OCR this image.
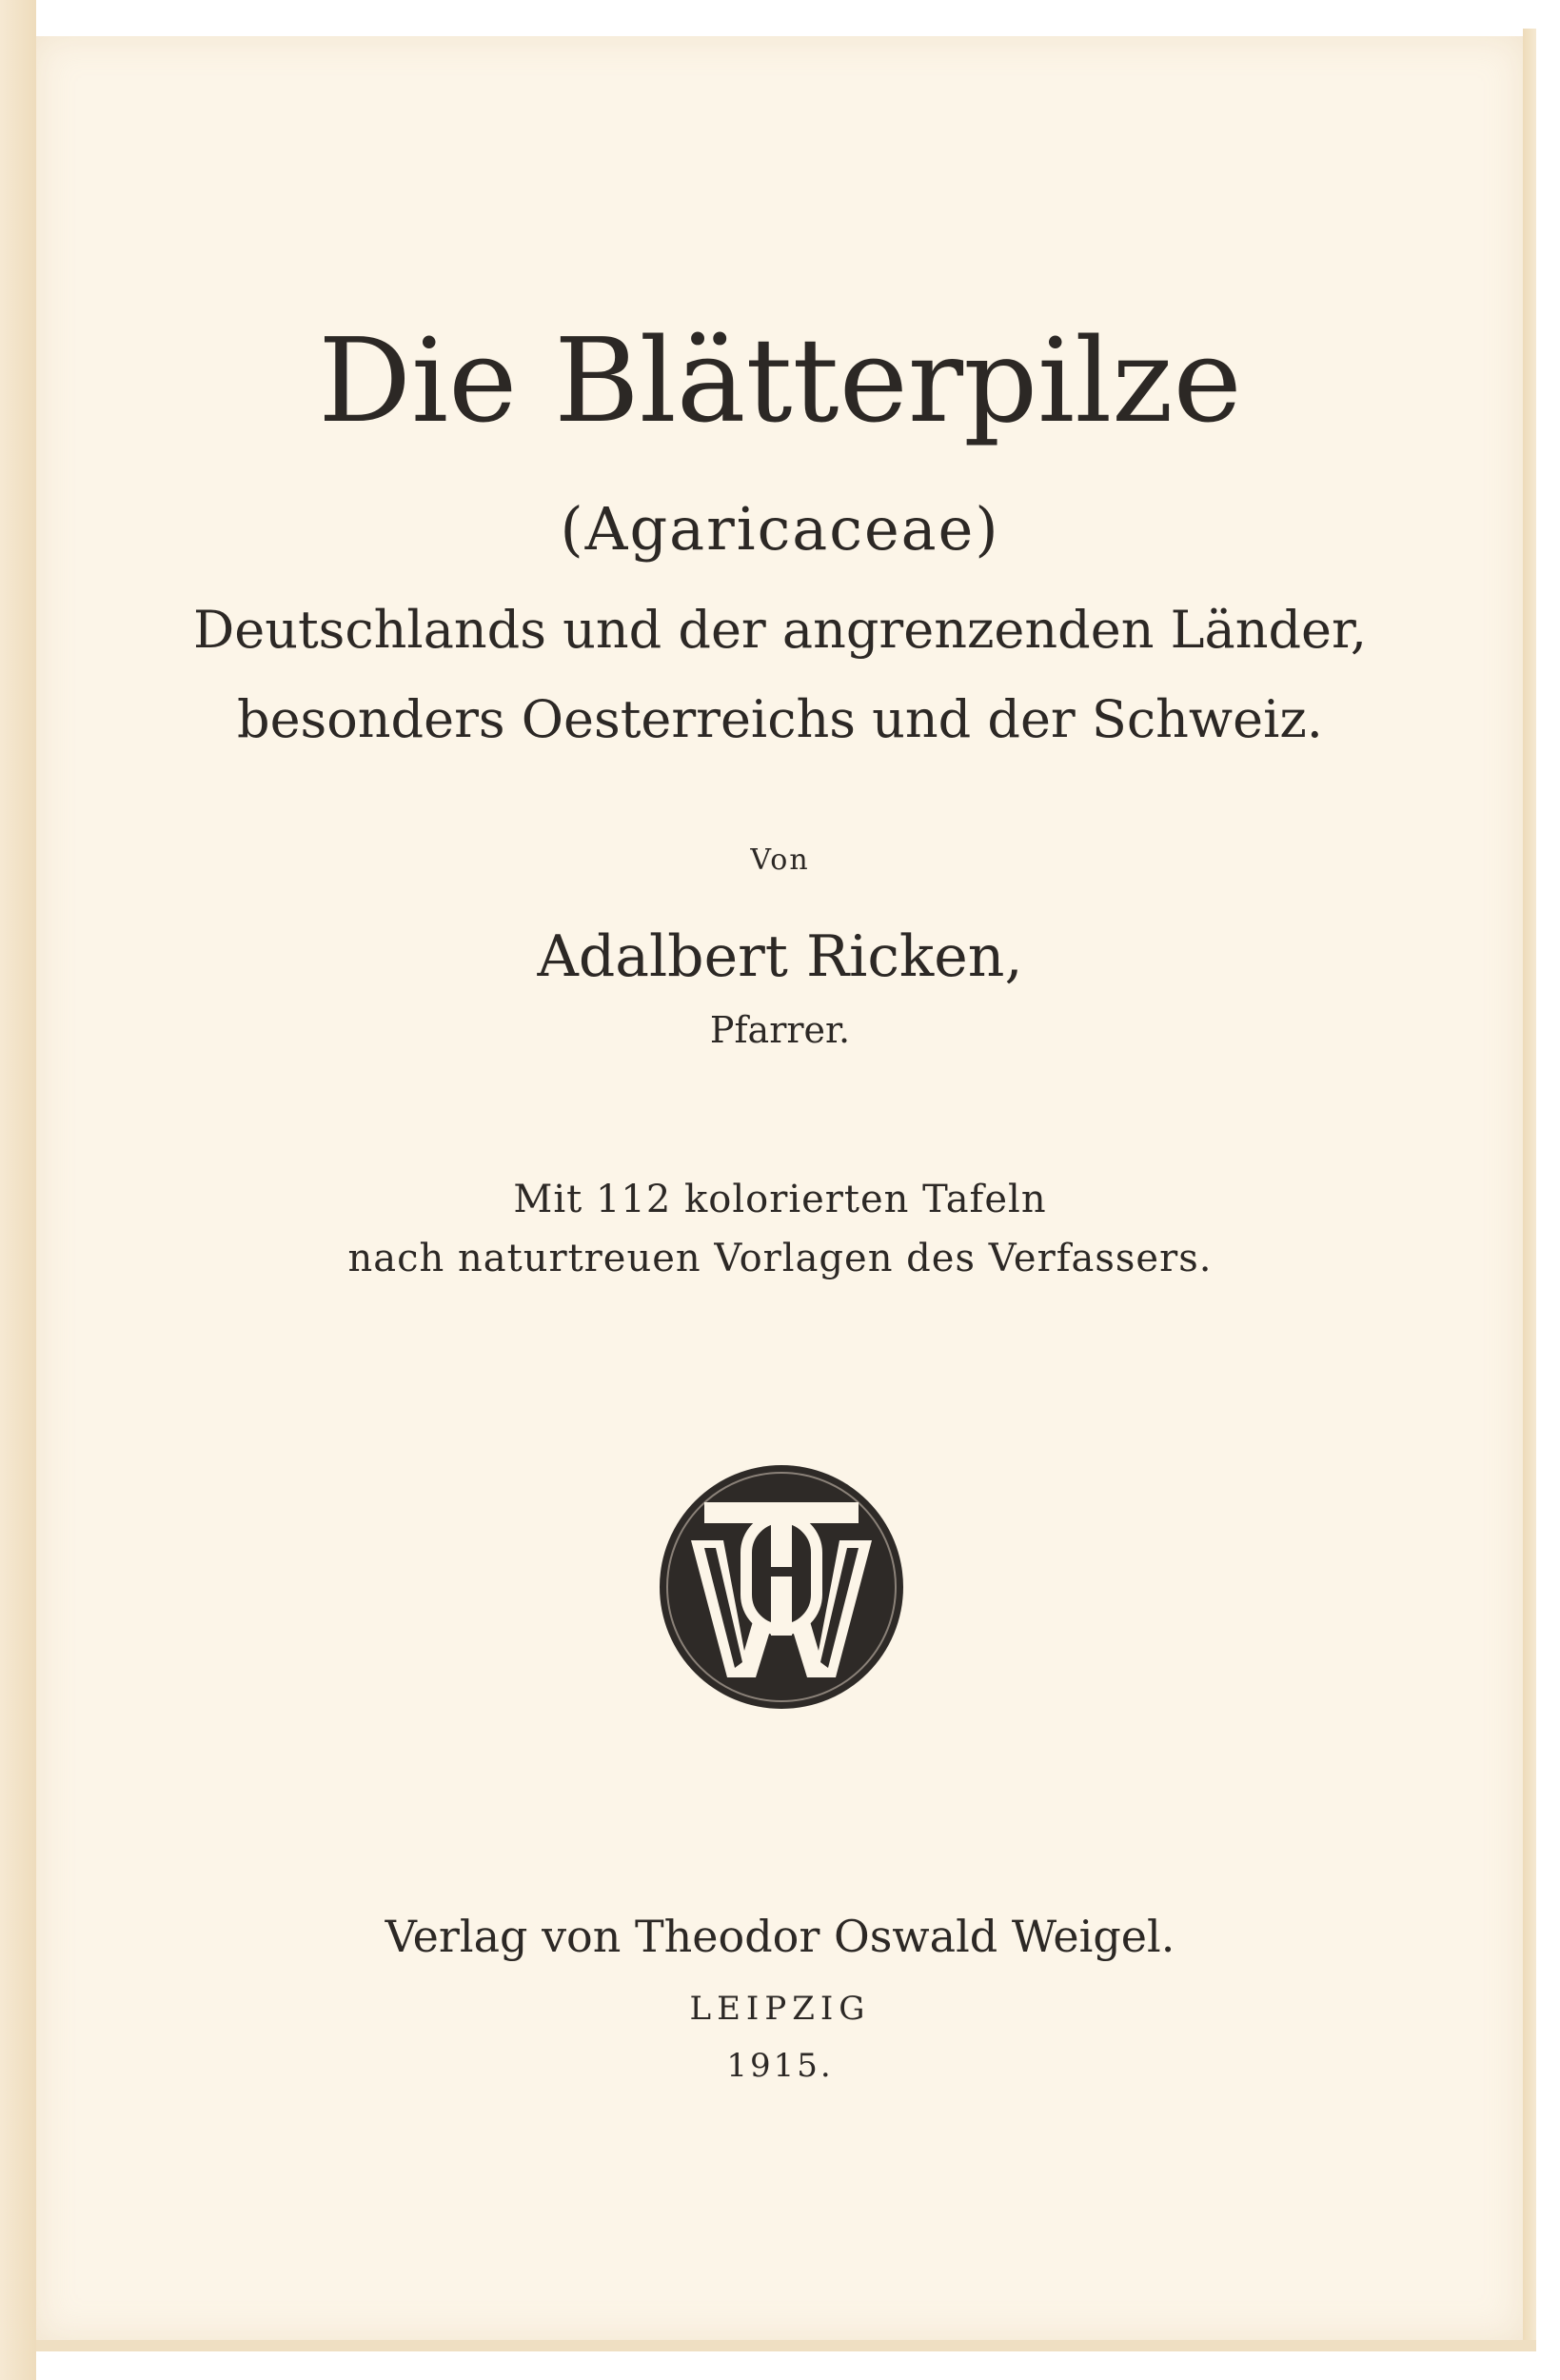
Die Blätterpilze
(Agaricaceae)
Deutschlands und der angrenzenden Länder,
besonders Oesterreichs und der Schweiz.
Von
Adalbert Ricken,
Pfarrer.
Mit 112 kolorierten Tafeln
nach naturtreuen Vorlagen des Verfassers.
Verlag von Theodor Oswald Weigel.
LEIPZIG
1915.
